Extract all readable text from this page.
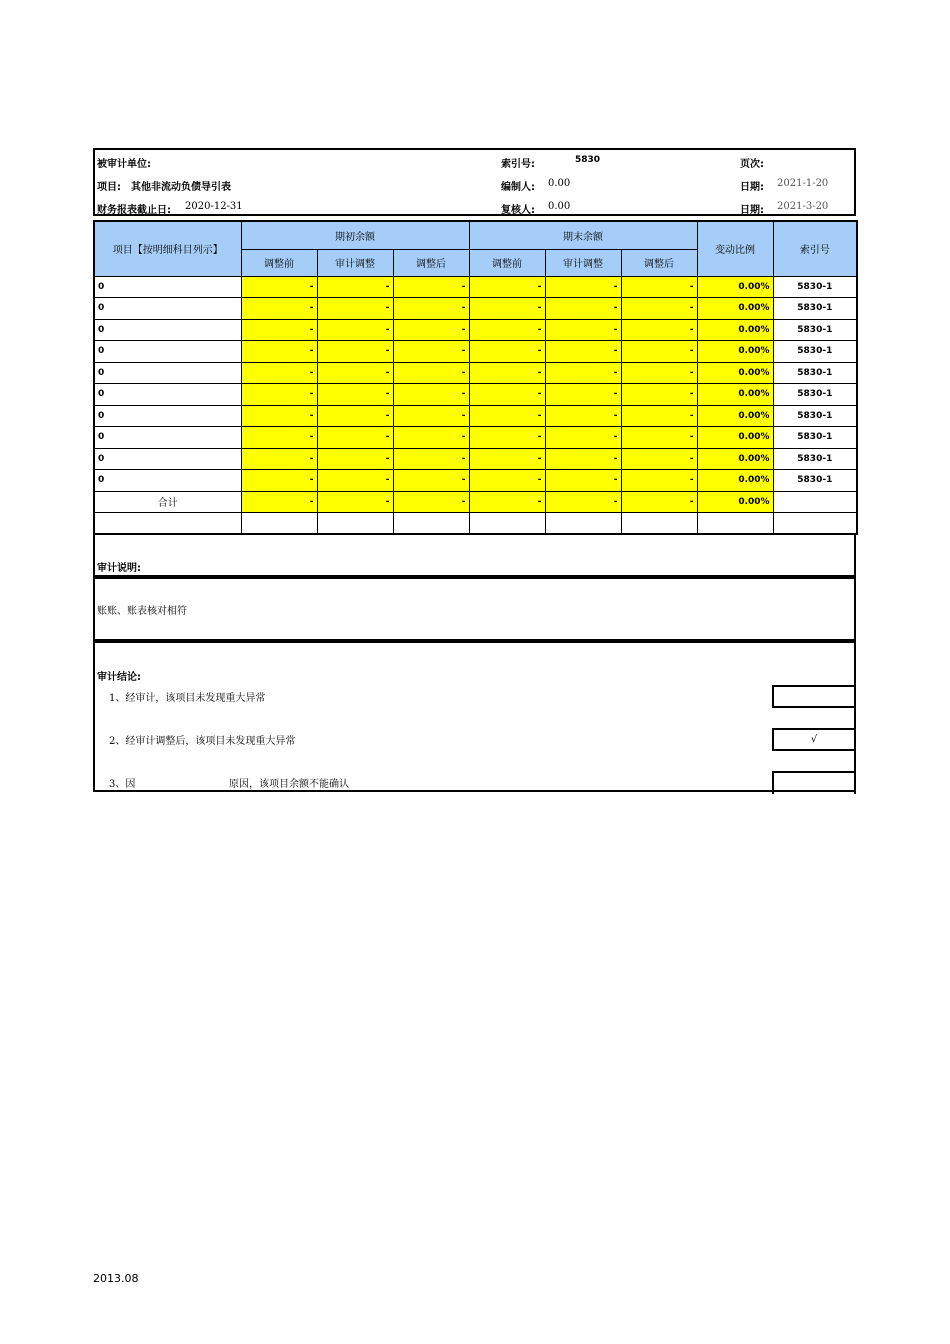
被审计单位:	索引号:	5830	页次:
项目: 其他非流动负债导引表	编制人: 0.00	日期: 2021-1-20
财务报表截止日: 2020-12-31	复核人: 0.00	日期: 2021-3-20
项目【按明细科目列示】	期初余额			期末余额			变动比例	索引号
	调整前	审计调整	调整后	调整前	审计调整	调整后		
0	-	-	-	-	-	-	0.00%	5830-1
0	-	-	-	-	-	-	0.00%	5830-1
0	-	-	-	-	-	-	0.00%	5830-1
0	-	-	-	-	-	-	0.00%	5830-1
0	-	-	-	-	-	-	0.00%	5830-1
0	-	-	-	-	-	-	0.00%	5830-1
0	-	-	-	-	-	-	0.00%	5830-1
0	-	-	-	-	-	-	0.00%	5830-1
0	-	-	-	-	-	-	0.00%	5830-1
0	-	-	-	-	-	-	0.00%	5830-1
合计	-	-	-	-	-	-	0.00%	

审计说明:
账账、账表核对相符
审计结论:
1、经审计，该项目未发现重大异常
2、经审计调整后，该项目未发现重大异常	√
3、因	原因，该项目余额不能确认
2013.08
